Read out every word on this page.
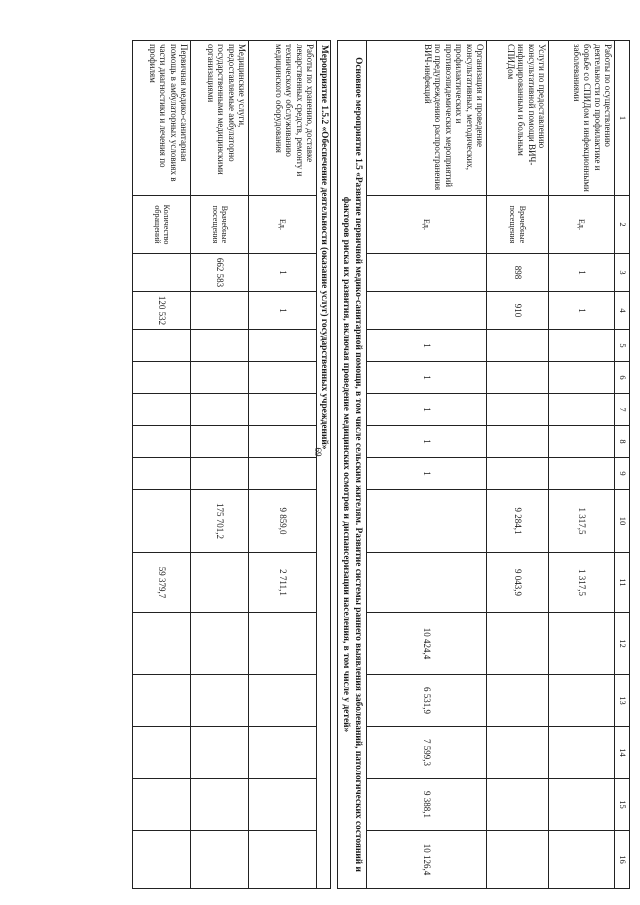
69
1	2	3	4	5	6	7	8	9	10	11	12	13	14	15	16
Работы по осуществлению деятельности по профилактике и борьбе со СПИДом и инфекционными заболеваниями	Ед.	1	1						1 317,5	1 317,5					
Услуги по предоставлению консультативной помощи ВИЧ-инфицированным и больным СПИДом	Врачебные посещения	898	910						9 284,1	9 043,9					
Организация и проведение консультативных, методических, профилактических и противоэпидемических мероприятий по предупреждению распространения ВИЧ-инфекций	Ед.			1	1	1	1	1			10 424,4	6 531,9	7 599,3	9 388,1	10 126,4
Основное мероприятие 1.5 «Развитие первичной медико-санитарной помощи, в том числе сельским жителям. Развитие системы раннего выявления заболеваний, патологических состояний и факторов риска их развития, включая проведение медицинских осмотров и диспансеризации населения, в том числе у детей»															

Мероприятие 1.5.2 «Обеспечение деятельности (оказание услуг) государственных учреждений»															
Работы по хранению, доставке лекарственных средств, ремонту и техническому обслуживанию медицинского оборудования	Ед.	1	1						9 859,0	2 711,1					
Медицинские услуги, предоставляемые амбулаторно государственными медицинскими организациями	Врачебные посещения	662 583							175 701,2						
Первичная медико-санитарная помощь в амбулаторных условиях в части диагностики и лечения по профилям	Количество обращений		120 532							59 379,7					
